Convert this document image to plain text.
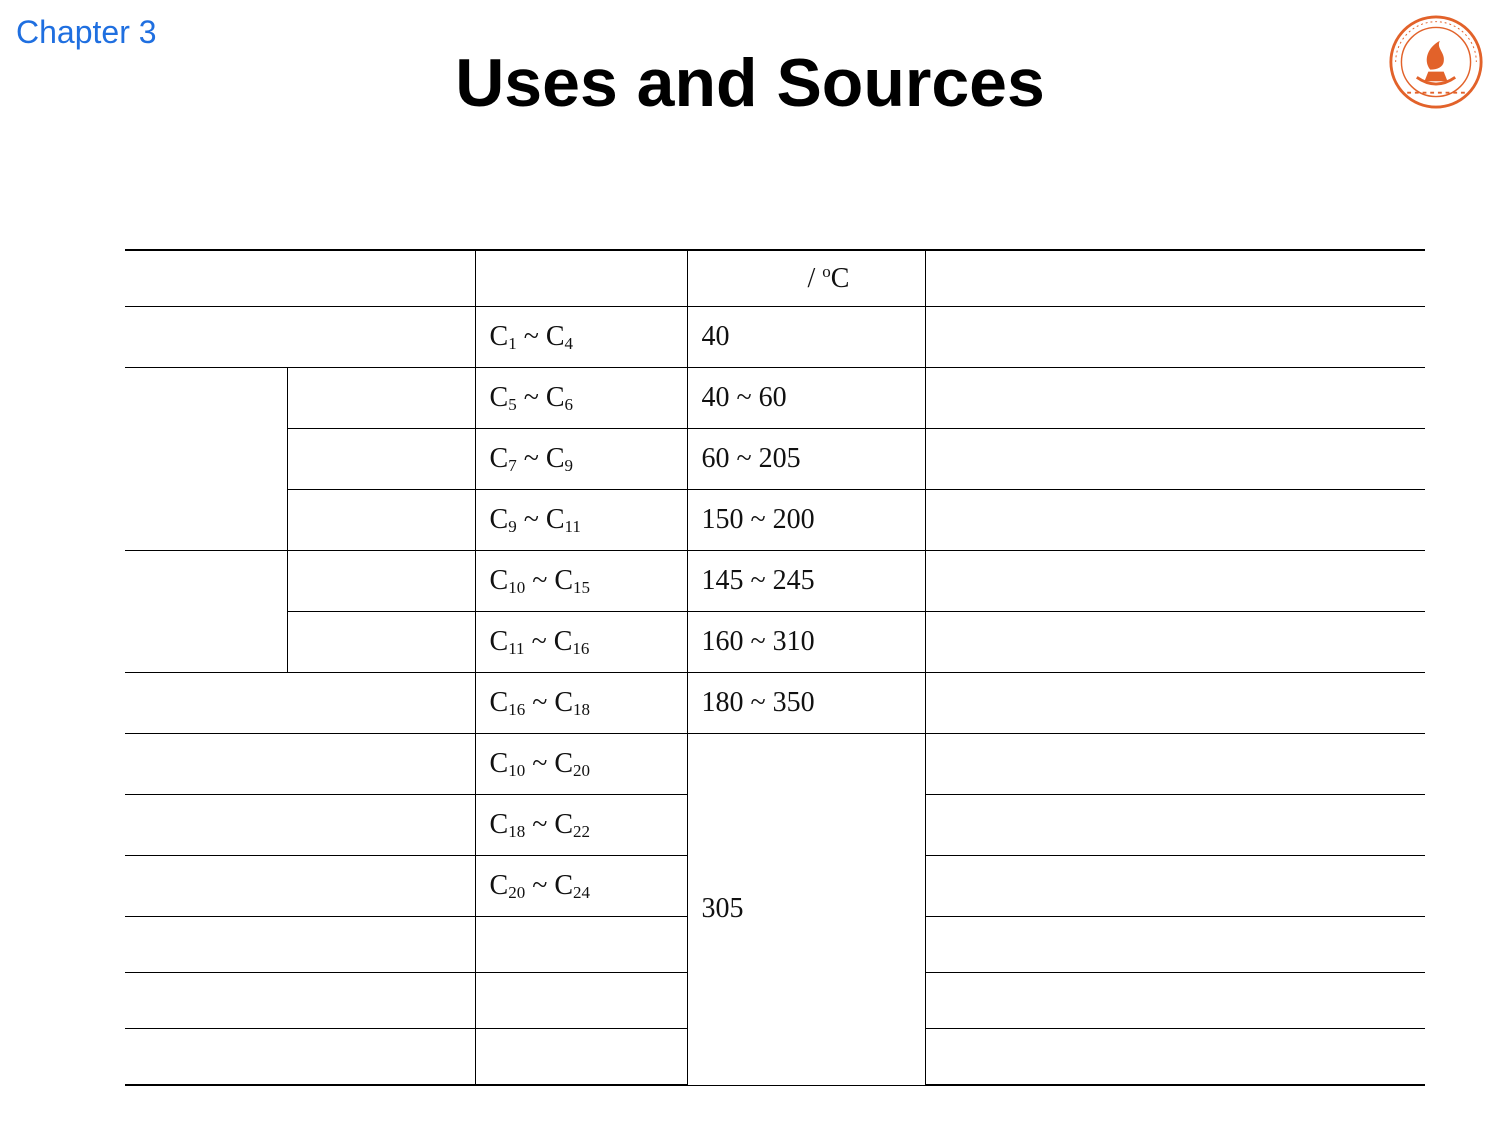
Chapter 3
Uses and Sources
			/ $^o$C	
		$C_1$ ~ $C_4$	40	
		$C_5$ ~ $C_6$	40 ~ 60	
		$C_7$ ~ $C_9$	60 ~ 205	
		$C_9$ ~ $C_{11}$	150 ~ 200	
		$C_{10}$ ~ $C_{15}$	145 ~ 245	
		$C_{11}$ ~ $C_{16}$	160 ~ 310	
		$C_{16}$ ~ $C_{18}$	180 ~ 350	
		$C_{10}$ ~ $C_{20}$	305	
		$C_{18}$ ~ $C_{22}$	
		$C_{20}$ ~ $C_{24}$	
